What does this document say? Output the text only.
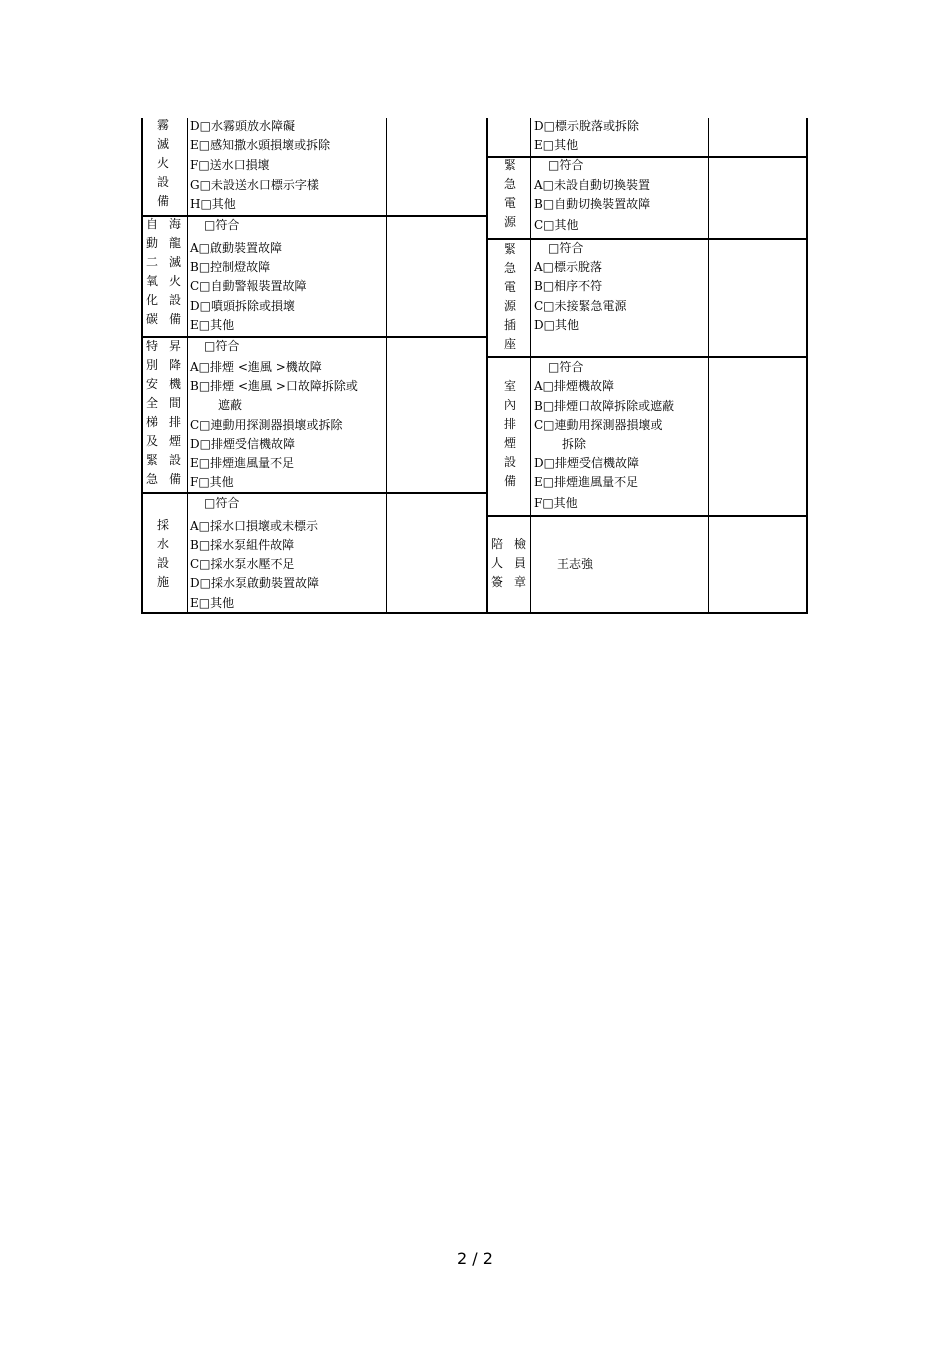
霧
滅
火
設
備
D□水霧頭放水障礙
E□感知撒水頭損壞或拆除
F□送水口損壞
G□未設送水口標示字樣
H□其他
自
動
二
氧
化
碳
海
龍
滅
火
設
備
□符合
A□啟動裝置故障
B□控制燈故障
C□自動警報裝置故障
D□噴頭拆除或損壞
E□其他
特
別
安
全
梯
及
緊
急
昇
降
機
間
排
煙
設
備
□符合
A□排煙 <進風 >機故障
B□排煙 <進風 >口故障拆除或
遮蔽
C□連動用探測器損壞或拆除
D□排煙受信機故障
E□排煙進風量不足
F□其他
採
水
設
施
□符合
A□採水口損壞或未標示
B□採水泵組件故障
C□採水泵水壓不足
D□採水泵啟動裝置故障
E□其他
D□標示脫落或拆除
E□其他
緊
急
電
源
□符合
A□未設自動切換裝置
B□自動切換裝置故障
C□其他
緊
急
電
源
插
座
□符合
A□標示脫落
B□相序不符
C□未接緊急電源
D□其他
室
內
排
煙
設
備
□符合
A□排煙機故障
B□排煙口故障拆除或遮蔽
C□連動用探測器損壞或
拆除
D□排煙受信機故障
E□排煙進風量不足
F□其他
陪
人
簽
檢
員
章
王志強
2 / 2
